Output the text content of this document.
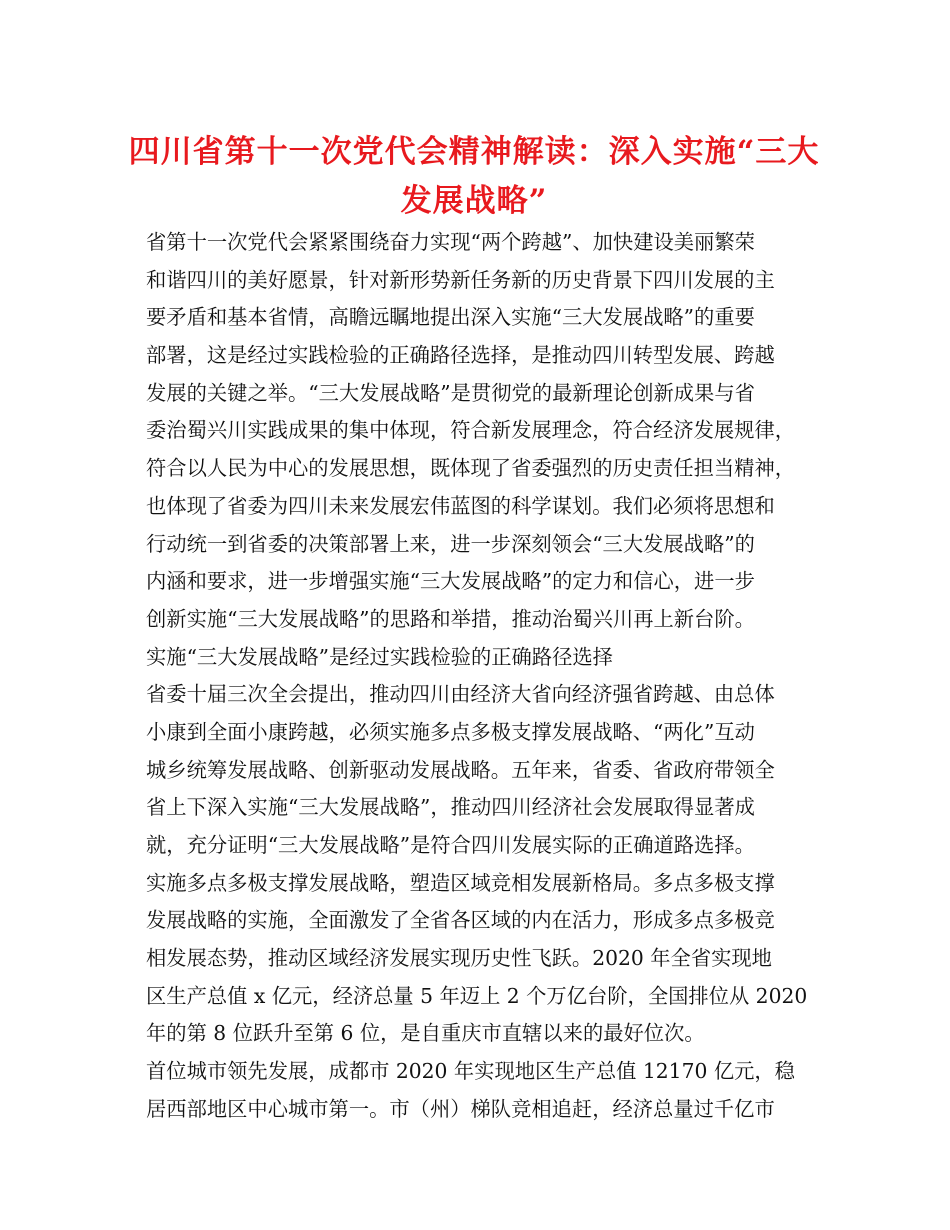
四川省第十一次党代会精神解读：深入实施“三大发展战略”
省第十一次党代会紧紧围绕奋力实现“两个跨越”、加快建设美丽繁荣
和谐四川的美好愿景，针对新形势新任务新的历史背景下四川发展的主
要矛盾和基本省情，高瞻远瞩地提出深入实施“三大发展战略”的重要
部署，这是经过实践检验的正确路径选择，是推动四川转型发展、跨越
发展的关键之举。“三大发展战略”是贯彻党的最新理论创新成果与省
委治蜀兴川实践成果的集中体现，符合新发展理念，符合经济发展规律，
符合以人民为中心的发展思想，既体现了省委强烈的历史责任担当精神，
也体现了省委为四川未来发展宏伟蓝图的科学谋划。我们必须将思想和
行动统一到省委的决策部署上来，进一步深刻领会“三大发展战略”的
内涵和要求，进一步增强实施“三大发展战略”的定力和信心，进一步
创新实施“三大发展战略”的思路和举措，推动治蜀兴川再上新台阶。
实施“三大发展战略”是经过实践检验的正确路径选择
省委十届三次全会提出，推动四川由经济大省向经济强省跨越、由总体
小康到全面小康跨越，必须实施多点多极支撑发展战略、“两化”互动
城乡统筹发展战略、创新驱动发展战略。五年来，省委、省政府带领全
省上下深入实施“三大发展战略”，推动四川经济社会发展取得显著成
就，充分证明“三大发展战略”是符合四川发展实际的正确道路选择。
实施多点多极支撑发展战略，塑造区域竞相发展新格局。多点多极支撑
发展战略的实施，全面激发了全省各区域的内在活力，形成多点多极竞
相发展态势，推动区域经济发展实现历史性飞跃。2020 年全省实现地
区生产总值 x 亿元，经济总量 5 年迈上 2 个万亿台阶，全国排位从 2020
年的第 8 位跃升至第 6 位，是自重庆市直辖以来的最好位次。
首位城市领先发展，成都市 2020 年实现地区生产总值 12170 亿元，稳
居西部地区中心城市第一。市（州）梯队竞相追赶，经济总量过千亿市
